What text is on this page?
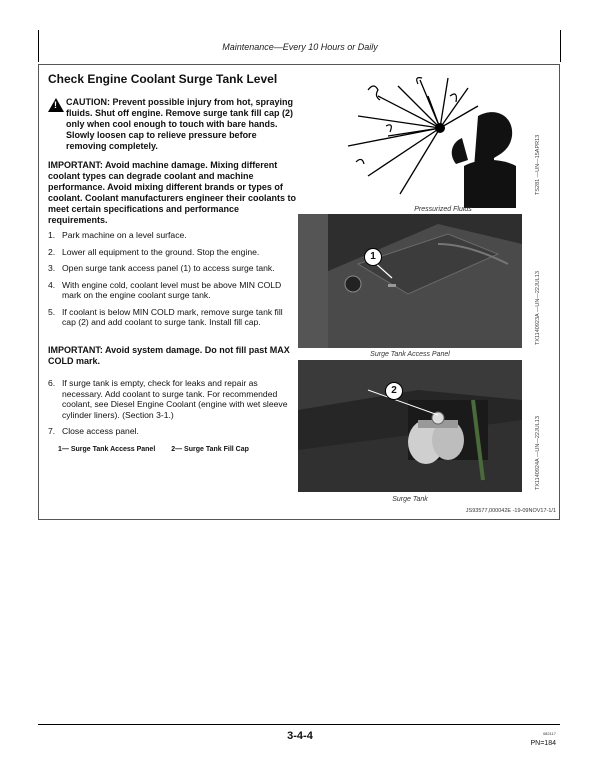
Maintenance—Every 10 Hours or Daily
Check Engine Coolant Surge Tank Level
!
CAUTION: Prevent possible injury from hot, spraying fluids. Shut off engine. Remove surge tank fill cap (2) only when cool enough to touch with bare hands. Slowly loosen cap to relieve pressure before removing completely.
IMPORTANT: Avoid machine damage. Mixing different coolant types can degrade coolant and machine performance. Avoid mixing different brands or types of coolant. Coolant manufacturers engineer their coolants to meet certain specifications and performance requirements.
1. Park machine on a level surface.
2. Lower all equipment to the ground. Stop the engine.
3. Open surge tank access panel (1) to access surge tank.
4. With engine cold, coolant level must be above MIN COLD mark on the engine coolant surge tank.
5. If coolant is below MIN COLD mark, remove surge tank fill cap (2) and add coolant to surge tank. Install fill cap.
IMPORTANT: Avoid system damage. Do not fill past MAX COLD mark.
6. If surge tank is empty, check for leaks and repair as necessary. Add coolant to surge tank. For recommended coolant, see Diesel Engine Coolant (engine with wet sleeve cylinder liners). (Section 3-1.)
7. Close access panel.
1— Surge Tank Access Panel 2— Surge Tank Fill Cap
Pressurized Fluids
TS281 —UN—15APR13
1
Surge Tank Access Panel
TX1140923A —UN—22JUL13
2
Surge Tank
TX1140924A —UN—22JUL13
JS93577,000042E -19-09NOV17-1/1
3-4-4	082117
PN=184
